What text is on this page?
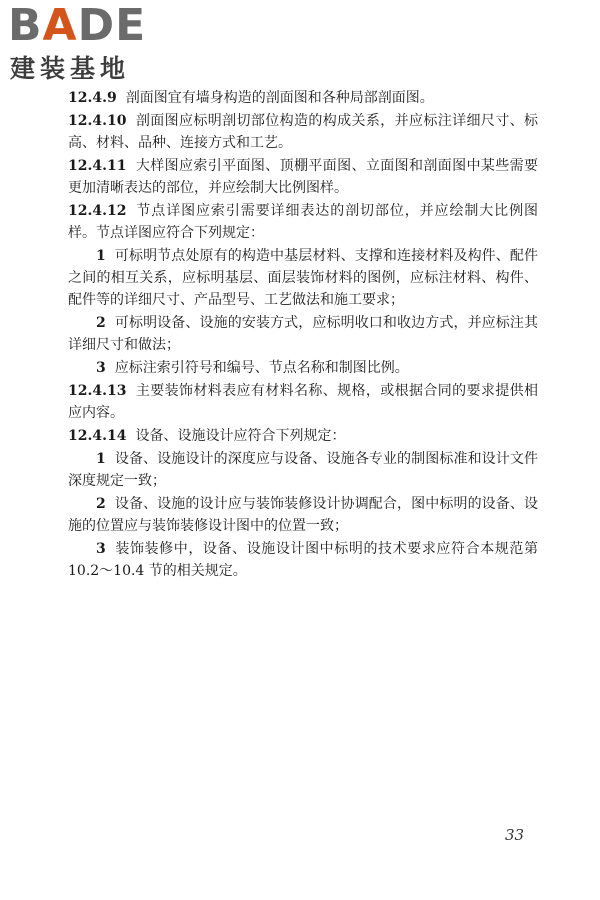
BADE
建装基地

12.4.9 剖面图宜有墙身构造的剖面图和各种局部剖面图。

12.4.10 剖面图应标明剖切部位构造的构成关系，并应标注详细尺寸、标高、材料、品种、连接方式和工艺。

12.4.11 大样图应索引平面图、顶棚平面图、立面图和剖面图中某些需要更加清晰表达的部位，并应绘制大比例图样。

12.4.12 节点详图应索引需要详细表达的剖切部位，并应绘制大比例图样。节点详图应符合下列规定：

1 可标明节点处原有的构造中基层材料、支撑和连接材料及构件、配件之间的相互关系，应标明基层、面层装饰材料的图例，应标注材料、构件、配件等的详细尺寸、产品型号、工艺做法和施工要求；

2 可标明设备、设施的安装方式，应标明收口和收边方式，并应标注其详细尺寸和做法；

3 应标注索引符号和编号、节点名称和制图比例。

12.4.13 主要装饰材料表应有材料名称、规格，或根据合同的要求提供相应内容。

12.4.14 设备、设施设计应符合下列规定：

1 设备、设施设计的深度应与设备、设施各专业的制图标准和设计文件深度规定一致；

2 设备、设施的设计应与装饰装修设计协调配合，图中标明的设备、设施的位置应与装饰装修设计图中的位置一致；

3 装饰装修中，设备、设施设计图中标明的技术要求应符合本规范第 10.2～10.4 节的相关规定。

33
